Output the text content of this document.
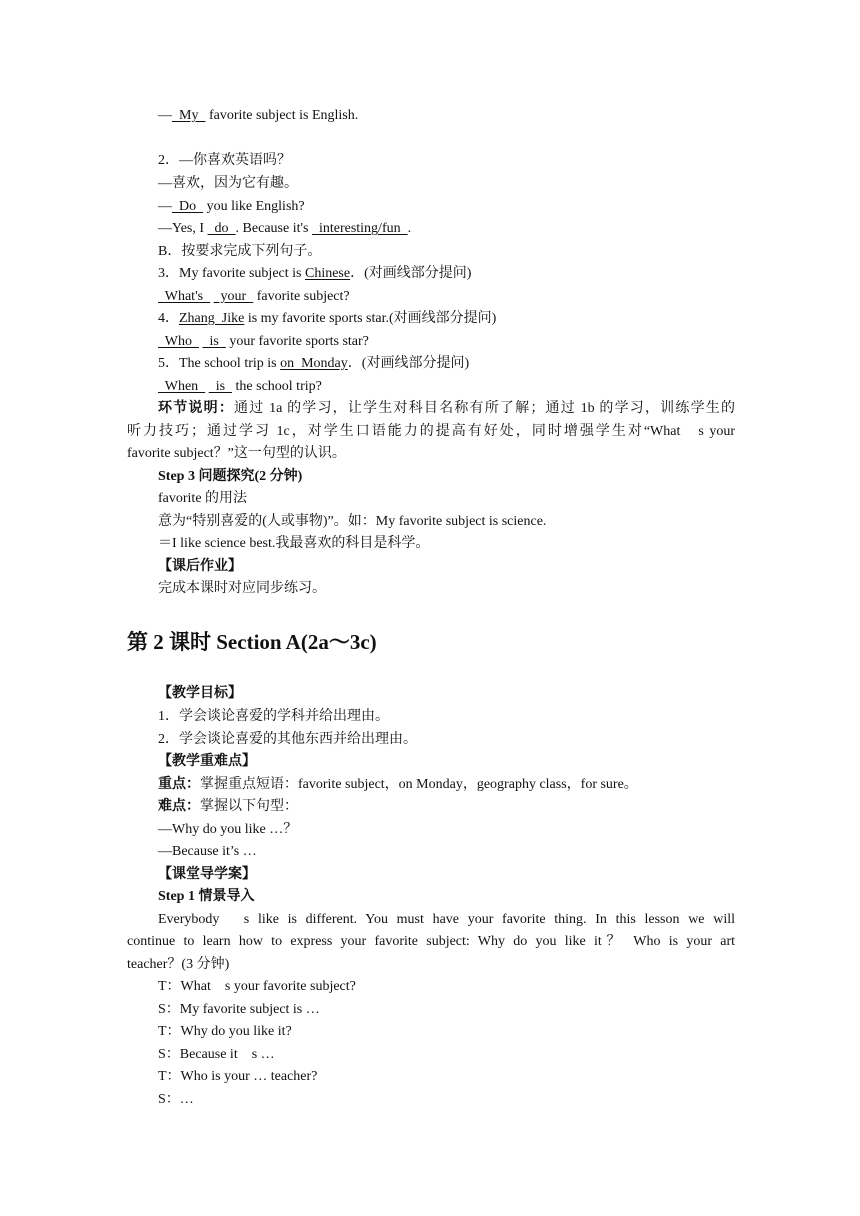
—  My   favorite subject is English.
2．—你喜欢英语吗？
—喜欢，因为它有趣。
—  Do   you like English?
—Yes, I   do  . Because it's   interesting/fun  .
B．按要求完成下列句子。
3．My favorite subject is Chinese．(对画线部分提问)
What's     your   favorite subject?
4．Zhang  Jike is my favorite sports star.(对画线部分提问)
Who     is   your favorite sports star?
5．The school trip is on  Monday．(对画线部分提问)
When     is   the school trip?
环节说明：通过 1a 的学习，让学生对科目名称有所了解；通过 1b 的学习，训练学生的
听力技巧；通过学习 1c，对学生口语能力的提高有好处，同时增强学生对“What　s your
favorite subject？”这一句型的认识。
Step 3 问题探究(2 分钟)
favorite 的用法
意为“特别喜爱的(人或事物)”。如：My favorite subject is science.
＝I like science best.我最喜欢的科目是科学。
【课后作业】
完成本课时对应同步练习。
第 2 课时 Section A(2a～3c)
【教学目标】
1．学会谈论喜爱的学科并给出理由。
2．学会谈论喜爱的其他东西并给出理由。
【教学重难点】
重点：掌握重点短语：favorite subject，on Monday，geography class，for sure。
难点：掌握以下句型：
—Why do you like …？
—Because it’s …
【课堂导学案】
Step 1 情景导入
Everybody　s like is different. You must have your favorite thing. In this lesson we will
continue to learn how to express your favorite subject: Why do you like it？ Who is your art
teacher？(3 分钟)
T：What　s your favorite subject?
S：My favorite subject is …
T：Why do you like it?
S：Because it　s …
T：Who is your … teacher?
S：…
